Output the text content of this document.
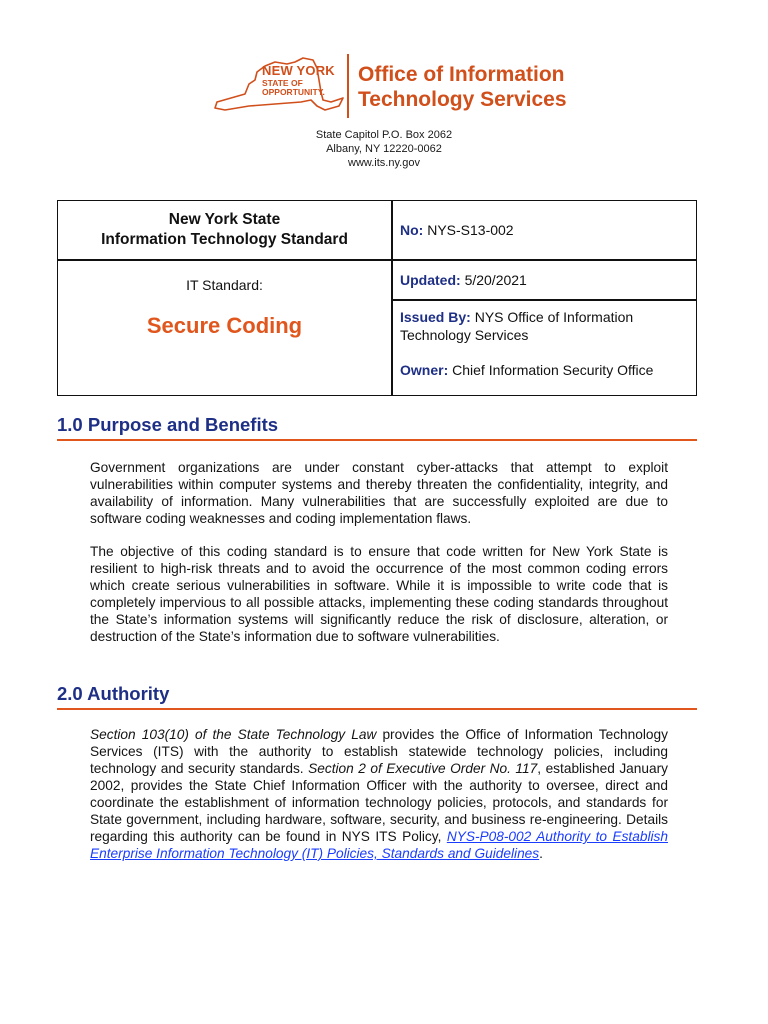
NEW YORK
STATE OF
OPPORTUNITY.
Office of Information
Technology Services
State Capitol P.O. Box 2062
Albany, NY 12220-0062
www.its.ny.gov
New York State
Information Technology Standard
No: NYS-S13-002
IT Standard:
Secure Coding
Updated: 5/20/2021
Issued By: NYS Office of Information Technology Services
Owner: Chief Information Security Office
1.0 Purpose and Benefits
Government organizations are under constant cyber-attacks that attempt to exploit vulnerabilities within computer systems and thereby threaten the confidentiality, integrity, and availability of information. Many vulnerabilities that are successfully exploited are due to software coding weaknesses and coding implementation flaws.
The objective of this coding standard is to ensure that code written for New York State is resilient to high-risk threats and to avoid the occurrence of the most common coding errors which create serious vulnerabilities in software. While it is impossible to write code that is completely impervious to all possible attacks, implementing these coding standards throughout the State’s information systems will significantly reduce the risk of disclosure, alteration, or destruction of the State’s information due to software vulnerabilities.
2.0 Authority
Section 103(10) of the State Technology Law provides the Office of Information Technology Services (ITS) with the authority to establish statewide technology policies, including technology and security standards. Section 2 of Executive Order No. 117, established January 2002, provides the State Chief Information Officer with the authority to oversee, direct and coordinate the establishment of information technology policies, protocols, and standards for State government, including hardware, software, security, and business re-engineering. Details regarding this authority can be found in NYS ITS Policy, NYS-P08-002 Authority to Establish Enterprise Information Technology (IT) Policies, Standards and Guidelines.
